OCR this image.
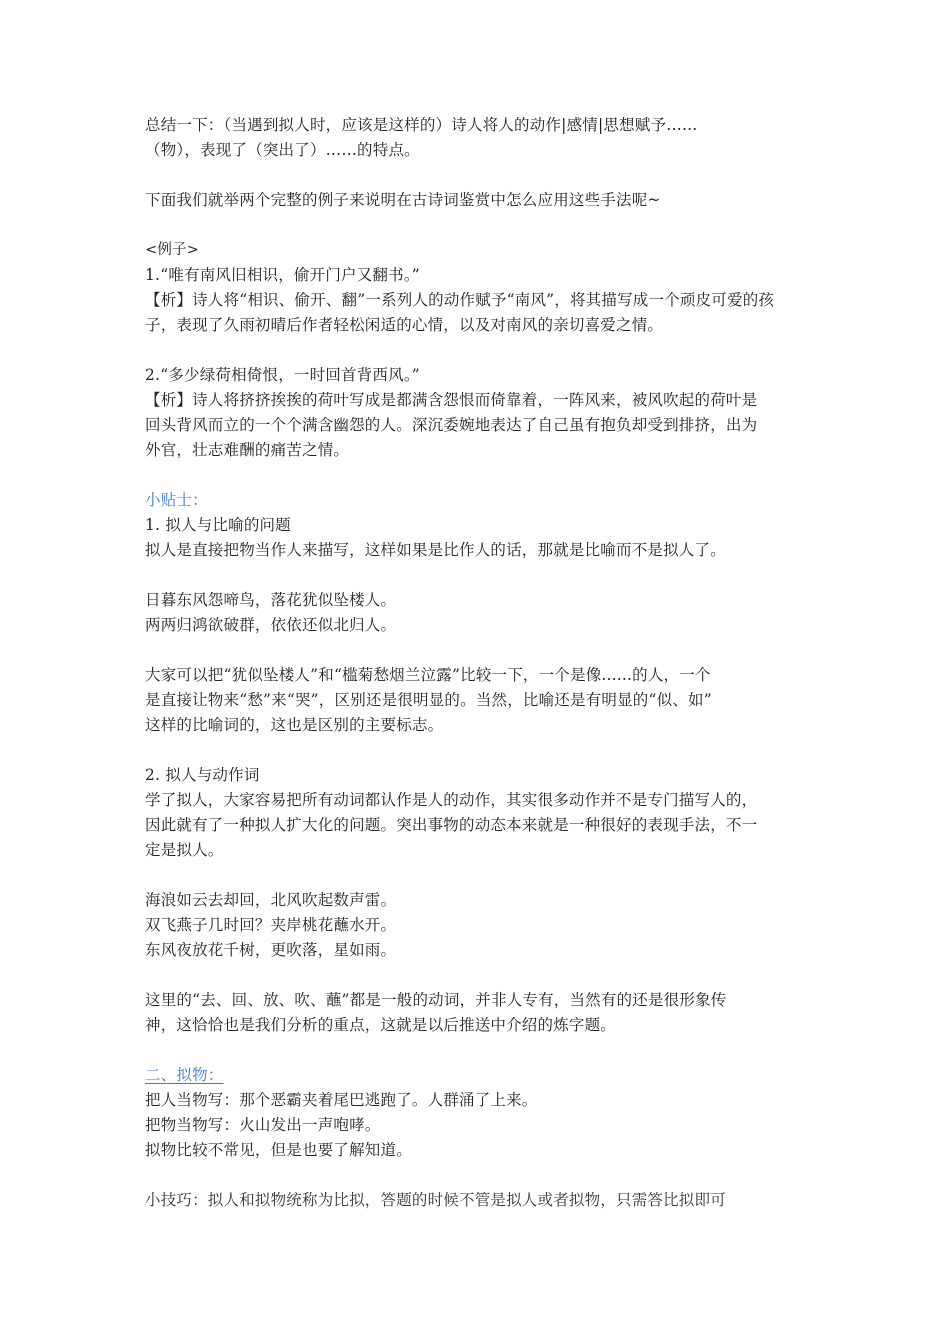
总结一下：（当遇到拟人时，应该是这样的）诗人将人的动作|感情|思想赋予……
（物），表现了（突出了）……的特点。
下面我们就举两个完整的例子来说明在古诗词鉴赏中怎么应用这些手法呢~
<例子>
1.“唯有南风旧相识，偷开门户又翻书。”
【析】诗人将“相识、偷开、翻”一系列人的动作赋予“南风”，将其描写成一个顽皮可爱的孩
子，表现了久雨初晴后作者轻松闲适的心情，以及对南风的亲切喜爱之情。
2.“多少绿荷相倚恨，一时回首背西风。”
【析】诗人将挤挤挨挨的荷叶写成是都满含怨恨而倚靠着，一阵风来，被风吹起的荷叶是
回头背风而立的一个个满含幽怨的人。深沉委婉地表达了自己虽有抱负却受到排挤，出为
外官，壮志难酬的痛苦之情。
小贴士：
1. 拟人与比喻的问题
拟人是直接把物当作人来描写，这样如果是比作人的话，那就是比喻而不是拟人了。
日暮东风怨啼鸟，落花犹似坠楼人。
两两归鸿欲破群，依依还似北归人。
大家可以把“犹似坠楼人”和“槛菊愁烟兰泣露”比较一下，一个是像......的人，一个
是直接让物来“愁”来“哭”，区别还是很明显的。当然，比喻还是有明显的“似、如”
这样的比喻词的，这也是区别的主要标志。
2. 拟人与动作词
学了拟人，大家容易把所有动词都认作是人的动作，其实很多动作并不是专门描写人的，
因此就有了一种拟人扩大化的问题。突出事物的动态本来就是一种很好的表现手法，不一
定是拟人。
海浪如云去却回，北风吹起数声雷。
双飞燕子几时回？夹岸桃花蘸水开。
东风夜放花千树，更吹落，星如雨。
这里的“去、回、放、吹、蘸”都是一般的动词，并非人专有，当然有的还是很形象传
神，这恰恰也是我们分析的重点，这就是以后推送中介绍的炼字题。
二、拟物：
把人当物写：那个恶霸夹着尾巴逃跑了。人群涌了上来。
把物当物写：火山发出一声咆哮。
拟物比较不常见，但是也要了解知道。
小技巧：拟人和拟物统称为比拟，答题的时候不管是拟人或者拟物，只需答比拟即可
